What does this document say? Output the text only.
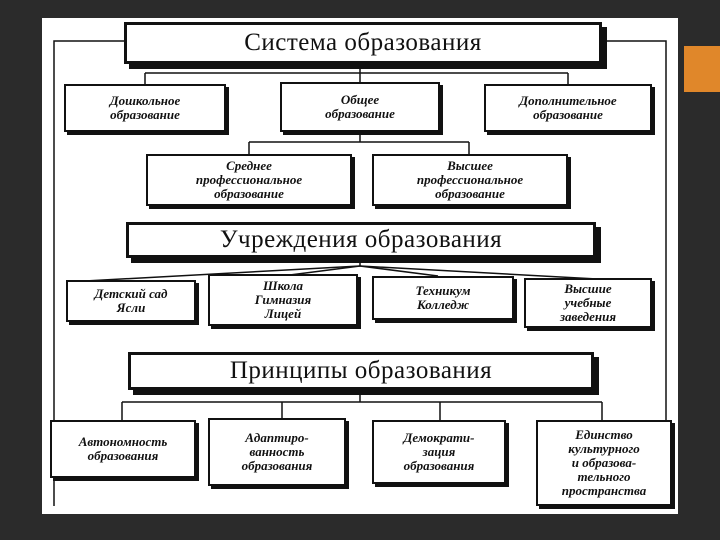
Система образования
Дошкольное
образование
Общее
образование
Дополнительное
образование
Среднее
профессиональное
образование
Высшее
профессиональное
образование
Учреждения образования
Детский сад
Ясли
Школа
Гимназия
Лицей
Техникум
Колледж
Высшие
учебные
заведения
Принципы образования
Автономность
образования
Адаптиро-
ванность
образования
Демократи-
зация
образования
Единство
культурного
и образова-
тельного
пространства
